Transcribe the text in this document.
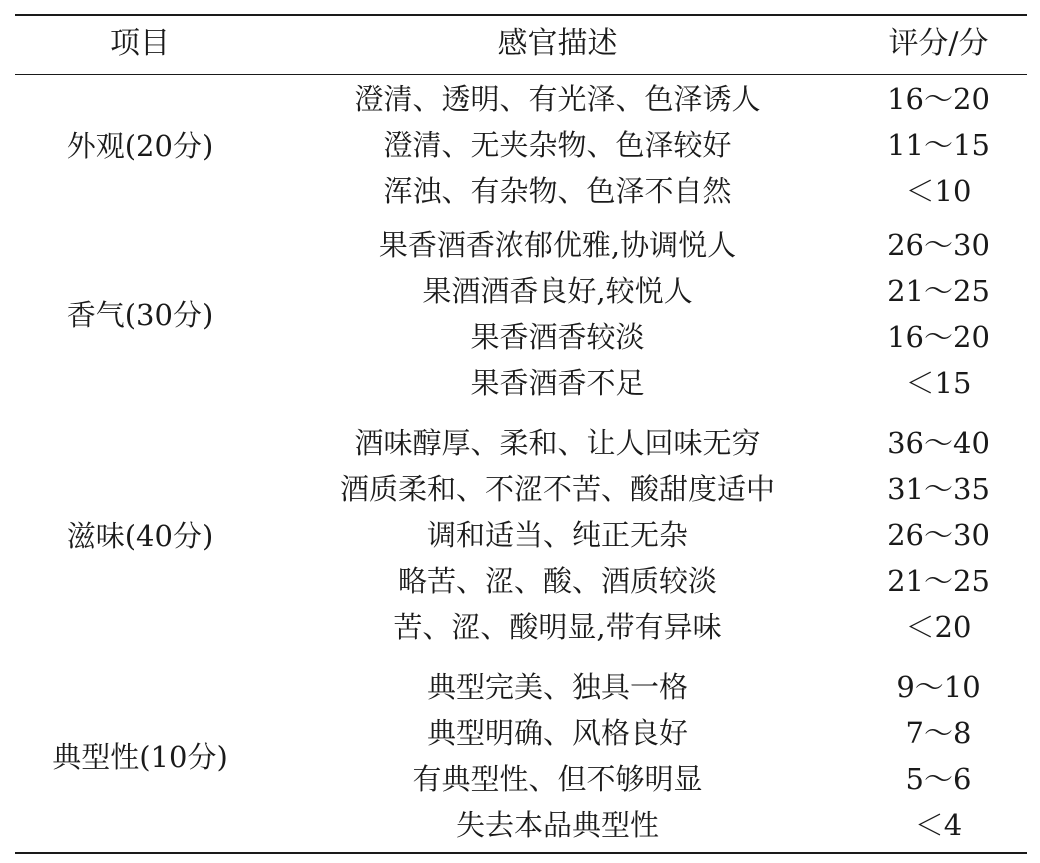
项目	感官描述	评分/分
外观(20分)
澄清、透明、有光泽、色泽诱人	16～20
澄清、无夹杂物、色泽较好	11～15
浑浊、有杂物、色泽不自然	＜10
香气(30分)
果香酒香浓郁优雅,协调悦人	26～30
果酒酒香良好,较悦人	21～25
果香酒香较淡	16～20
果香酒香不足	＜15
滋味(40分)
酒味醇厚、柔和、让人回味无穷	36～40
酒质柔和、不涩不苦、酸甜度适中	31～35
调和适当、纯正无杂	26～30
略苦、涩、酸、酒质较淡	21～25
苦、涩、酸明显,带有异味	＜20
典型性(10分)
典型完美、独具一格	9～10
典型明确、风格良好	7～8
有典型性、但不够明显	5～6
失去本品典型性	＜4
